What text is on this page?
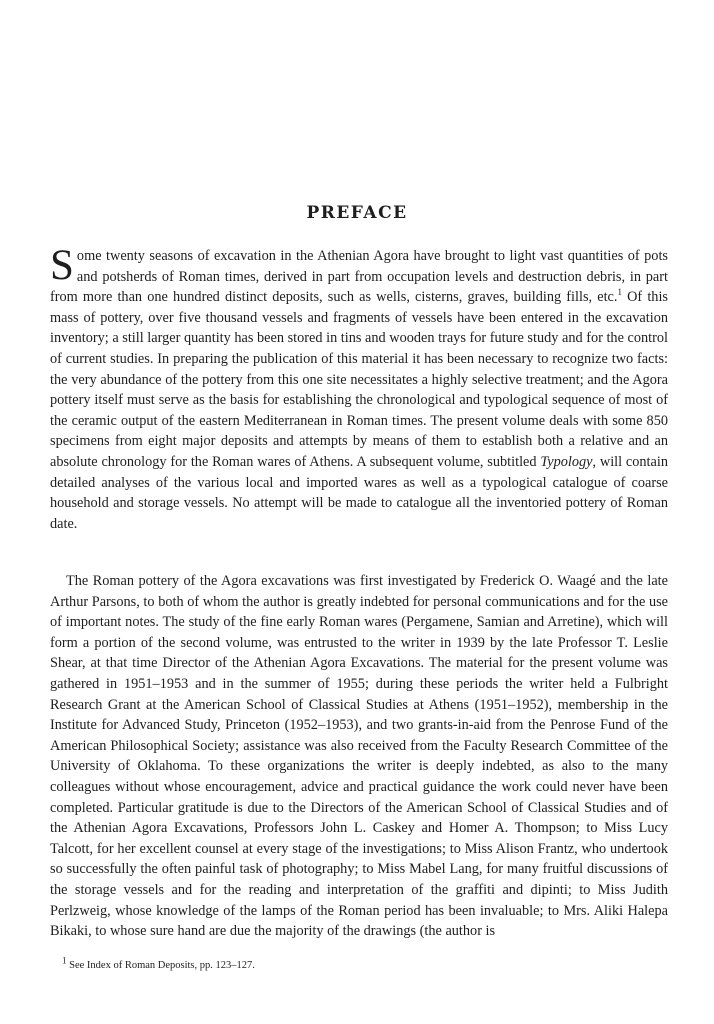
PREFACE

Some twenty seasons of excavation in the Athenian Agora have brought to light vast quantities of pots and potsherds of Roman times, derived in part from occupation levels and destruction debris, in part from more than one hundred distinct deposits, such as wells, cisterns, graves, building fills, etc.$^1$ Of this mass of pottery, over five thousand vessels and fragments of vessels have been entered in the excavation inventory; a still larger quantity has been stored in tins and wooden trays for future study and for the control of current studies. In preparing the publication of this material it has been necessary to recognize two facts: the very abundance of the pottery from this one site necessitates a highly selective treatment; and the Agora pottery itself must serve as the basis for establishing the chronological and typological sequence of most of the ceramic output of the eastern Mediterranean in Roman times. The present volume deals with some 850 specimens from eight major deposits and attempts by means of them to establish both a relative and an absolute chronology for the Roman wares of Athens. A subsequent volume, subtitled Typology, will contain detailed analyses of the various local and imported wares as well as a typological catalogue of coarse household and storage vessels. No attempt will be made to catalogue all the inventoried pottery of Roman date.

The Roman pottery of the Agora excavations was first investigated by Frederick O. Waagé and the late Arthur Parsons, to both of whom the author is greatly indebted for personal communications and for the use of important notes. The study of the fine early Roman wares (Pergamene, Samian and Arretine), which will form a portion of the second volume, was entrusted to the writer in 1939 by the late Professor T. Leslie Shear, at that time Director of the Athenian Agora Excavations. The material for the present volume was gathered in 1951–1953 and in the summer of 1955; during these periods the writer held a Fulbright Research Grant at the American School of Classical Studies at Athens (1951–1952), membership in the Institute for Advanced Study, Princeton (1952–1953), and two grants-in-aid from the Penrose Fund of the American Philosophical Society; assistance was also received from the Faculty Research Committee of the University of Oklahoma. To these organizations the writer is deeply indebted, as also to the many colleagues without whose encouragement, advice and practical guidance the work could never have been completed. Particular gratitude is due to the Directors of the American School of Classical Studies and of the Athenian Agora Excavations, Professors John L. Caskey and Homer A. Thompson; to Miss Lucy Talcott, for her excellent counsel at every stage of the investigations; to Miss Alison Frantz, who undertook so successfully the often painful task of photography; to Miss Mabel Lang, for many fruitful discussions of the storage vessels and for the reading and interpretation of the graffiti and dipinti; to Miss Judith Perlzweig, whose knowledge of the lamps of the Roman period has been invaluable; to Mrs. Aliki Halepa Bikaki, to whose sure hand are due the majority of the drawings (the author is

$^1$ See Index of Roman Deposits, pp. 123–127.
